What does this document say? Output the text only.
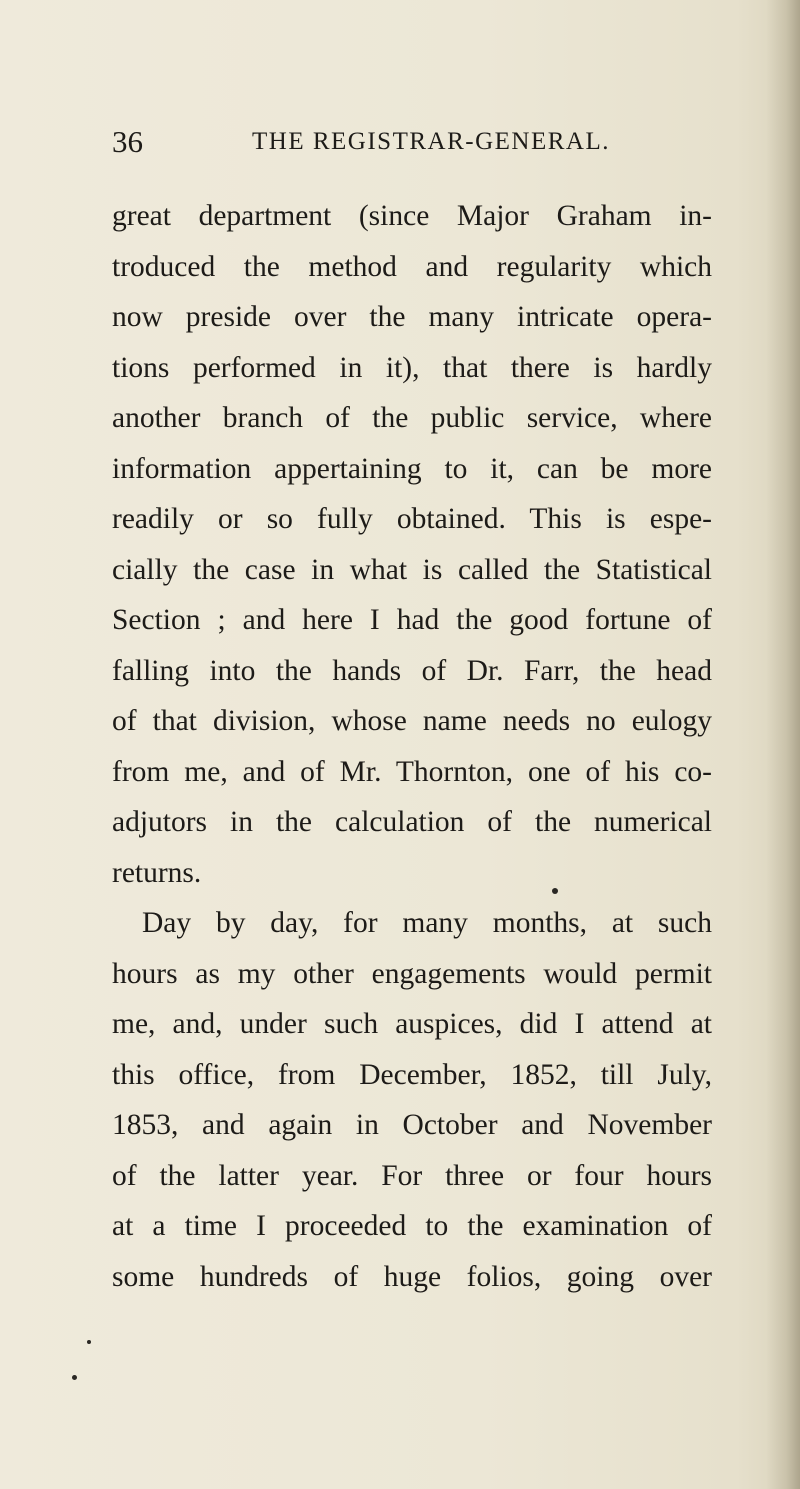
36	THE REGISTRAR-GENERAL.
great department (since Major Graham in-
troduced the method and regularity which
now preside over the many intricate opera-
tions performed in it), that there is hardly
another branch of the public service, where
information appertaining to it, can be more
readily or so fully obtained. This is espe-
cially the case in what is called the Statistical
Section ; and here I had the good fortune of
falling into the hands of Dr. Farr, the head
of that division, whose name needs no eulogy
from me, and of Mr. Thornton, one of his co-
adjutors in the calculation of the numerical
returns.
Day by day, for many months, at such
hours as my other engagements would permit
me, and, under such auspices, did I attend at
this office, from December, 1852, till July,
1853, and again in October and November
of the latter year. For three or four hours
at a time I proceeded to the examination of
some hundreds of huge folios, going over
